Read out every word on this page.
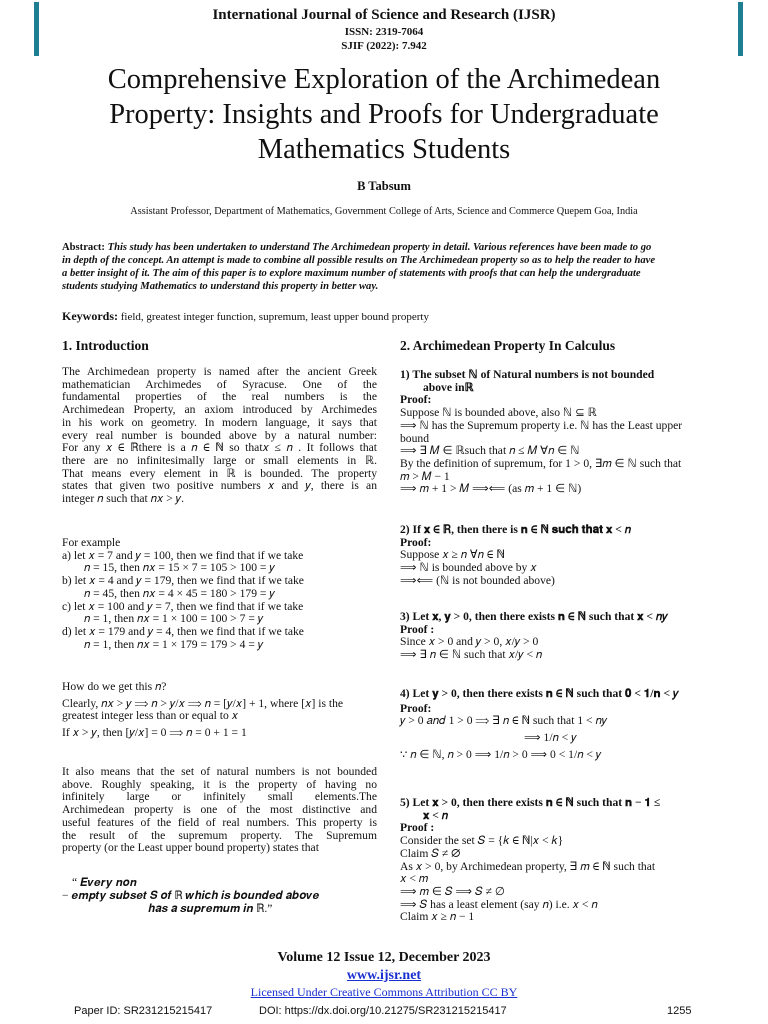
International Journal of Science and Research (IJSR)
ISSN: 2319-7064
SJIF (2022): 7.942
Comprehensive Exploration of the Archimedean
Property: Insights and Proofs for Undergraduate
Mathematics Students
B Tabsum
Assistant Professor, Department of Mathematics, Government College of Arts, Science and Commerce Quepem Goa, India
Abstract: This study has been undertaken to understand The Archimedean property in detail. Various references have been made to go
in depth of the concept. An attempt is made to combine all possible results on The Archimedean property so as to help the reader to have
a better insight of it. The aim of this paper is to explore maximum number of statements with proofs that can help the undergraduate
students studying Mathematics to understand this property in better way.
Keywords: field, greatest integer function, supremum, least upper bound property
1. Introduction
The Archimedean property is named after the ancient Greek
mathematician Archimedes of Syracuse. One of the
fundamental properties of the real numbers is the
Archimedean Property, an axiom introduced by Archimedes
in his work on geometry. In modern language, it says that
every real number is bounded above by a natural number:
For any 𝑥 ∈ ℝthere is a 𝑛 ∈ ℕ so that𝑥 ≤ 𝑛 . It follows that
there are no infinitesimally large or small elements in ℝ.
That means every element in ℝ is bounded. The property
states that given two positive numbers 𝑥 and 𝑦, there is an
integer 𝑛 such that 𝑛𝑥 > 𝑦.
For example
a) let 𝑥 = 7 and 𝑦 = 100, then we find that if we take
𝑛 = 15, then 𝑛𝑥 = 15 × 7 = 105 > 100 = 𝑦
b) let 𝑥 = 4 and 𝑦 = 179, then we find that if we take
𝑛 = 45, then 𝑛𝑥 = 4 × 45 = 180 > 179 = 𝑦
c) let 𝑥 = 100 and 𝑦 = 7, then we find that if we take
𝑛 = 1, then 𝑛𝑥 = 1 × 100 = 100 > 7 = 𝑦
d) let 𝑥 = 179 and 𝑦 = 4, then we find that if we take
𝑛 = 1, then 𝑛𝑥 = 1 × 179 = 179 > 4 = 𝑦
How do we get this 𝑛?
Clearly, 𝑛𝑥 > 𝑦 ⟹ 𝑛 > 𝑦/𝑥 ⟹ 𝑛 = [𝑦/𝑥] + 1, where [𝑥] is the
greatest integer less than or equal to 𝑥
If 𝑥 > 𝑦, then [𝑦/𝑥] = 0 ⟹ 𝑛 = 0 + 1 = 1
It also means that the set of natural numbers is not bounded
above. Roughly speaking, it is the property of having no
infinitely large or infinitely small elements.The
Archimedean property is one of the most distinctive and
useful features of the field of real numbers. This property is
the result of the supremum property. The Supremum
property (or the Least upper bound property) states that
“ 𝑬𝒗𝒆𝒓𝒚 𝒏𝒐𝒏
− 𝒆𝒎𝒑𝒕𝒚 𝒔𝒖𝒃𝒔𝒆𝒕 𝑺 𝒐𝒇 ℝ 𝒘𝒉𝒊𝒄𝒉 𝒊𝒔 𝒃𝒐𝒖𝒏𝒅𝒆𝒅 𝒂𝒃𝒐𝒗𝒆
𝒉𝒂𝒔 𝒂 𝒔𝒖𝒑𝒓𝒆𝒎𝒖𝒎 𝒊𝒏 ℝ.”
2. Archimedean Property In Calculus
1) The subset ℕ of Natural numbers is not bounded
above inℝ
Proof:
Suppose ℕ is bounded above, also ℕ ⊆ ℝ
⟹ ℕ has the Supremum property i.e. ℕ has the Least upper
bound
⟹ ∃ 𝑀 ∈ ℝsuch that 𝑛 ≤ 𝑀 ∀𝑛 ∈ ℕ
By the definition of supremum, for 1 > 0, ∃𝑚 ∈ ℕ such that
𝑚 > 𝑀 − 1
⟹ 𝑚 + 1 > 𝑀 ⟹⟸ (as 𝑚 + 1 ∈ ℕ)
2) If 𝐱 ∈ ℝ, then there is 𝐧 ∈ ℕ 𝐬𝐮𝐜𝐡 𝐭𝐡𝐚𝐭 𝐱 < 𝑛
Proof:
Suppose 𝑥 ≥ 𝑛 ∀𝑛 ∈ ℕ
⟹ ℕ is bounded above by 𝑥
⟹⟸ (ℕ is not bounded above)
3) Let 𝐱, 𝐲 > 0, then there exists 𝐧 ∈ ℕ such that 𝐱 < 𝑛𝑦
Proof :
Since 𝑥 > 0 and 𝑦 > 0, 𝑥/𝑦 > 0
⟹ ∃ 𝑛 ∈ ℕ such that 𝑥/𝑦 < 𝑛
4) Let 𝐲 > 0, then there exists 𝐧 ∈ ℕ such that 𝟎 < 𝟏/𝐧 < 𝑦
Proof:
𝑦 > 0 𝑎𝑛𝑑 1 > 0 ⟹ ∃ 𝑛 ∈ ℕ such that 1 < 𝑛𝑦
⟹ 1/𝑛 < 𝑦
∵ 𝑛 ∈ ℕ, 𝑛 > 0 ⟹ 1/𝑛 > 0 ⟹ 0 < 1/𝑛 < 𝑦
5) Let 𝐱 > 0, then there exists 𝐧 ∈ ℕ such that 𝐧 − 𝟏 ≤
𝐱 < 𝑛
Proof :
Consider the set 𝑆 = {𝑘 ∈ ℕ|𝑥 < 𝑘}
Claim 𝑆 ≠ ∅
As 𝑥 > 0, by Archimedean property, ∃ 𝑚 ∈ ℕ such that
𝑥 < 𝑚
⟹ 𝑚 ∈ 𝑆 ⟹ 𝑆 ≠ ∅
⟹ 𝑆 has a least element (say 𝑛) i.e. 𝑥 < 𝑛
Claim 𝑥 ≥ 𝑛 − 1
Volume 12 Issue 12, December 2023
www.ijsr.net
Licensed Under Creative Commons Attribution CC BY
Paper ID: SR231215215417	DOI: https://dx.doi.org/10.21275/SR231215215417	1255
